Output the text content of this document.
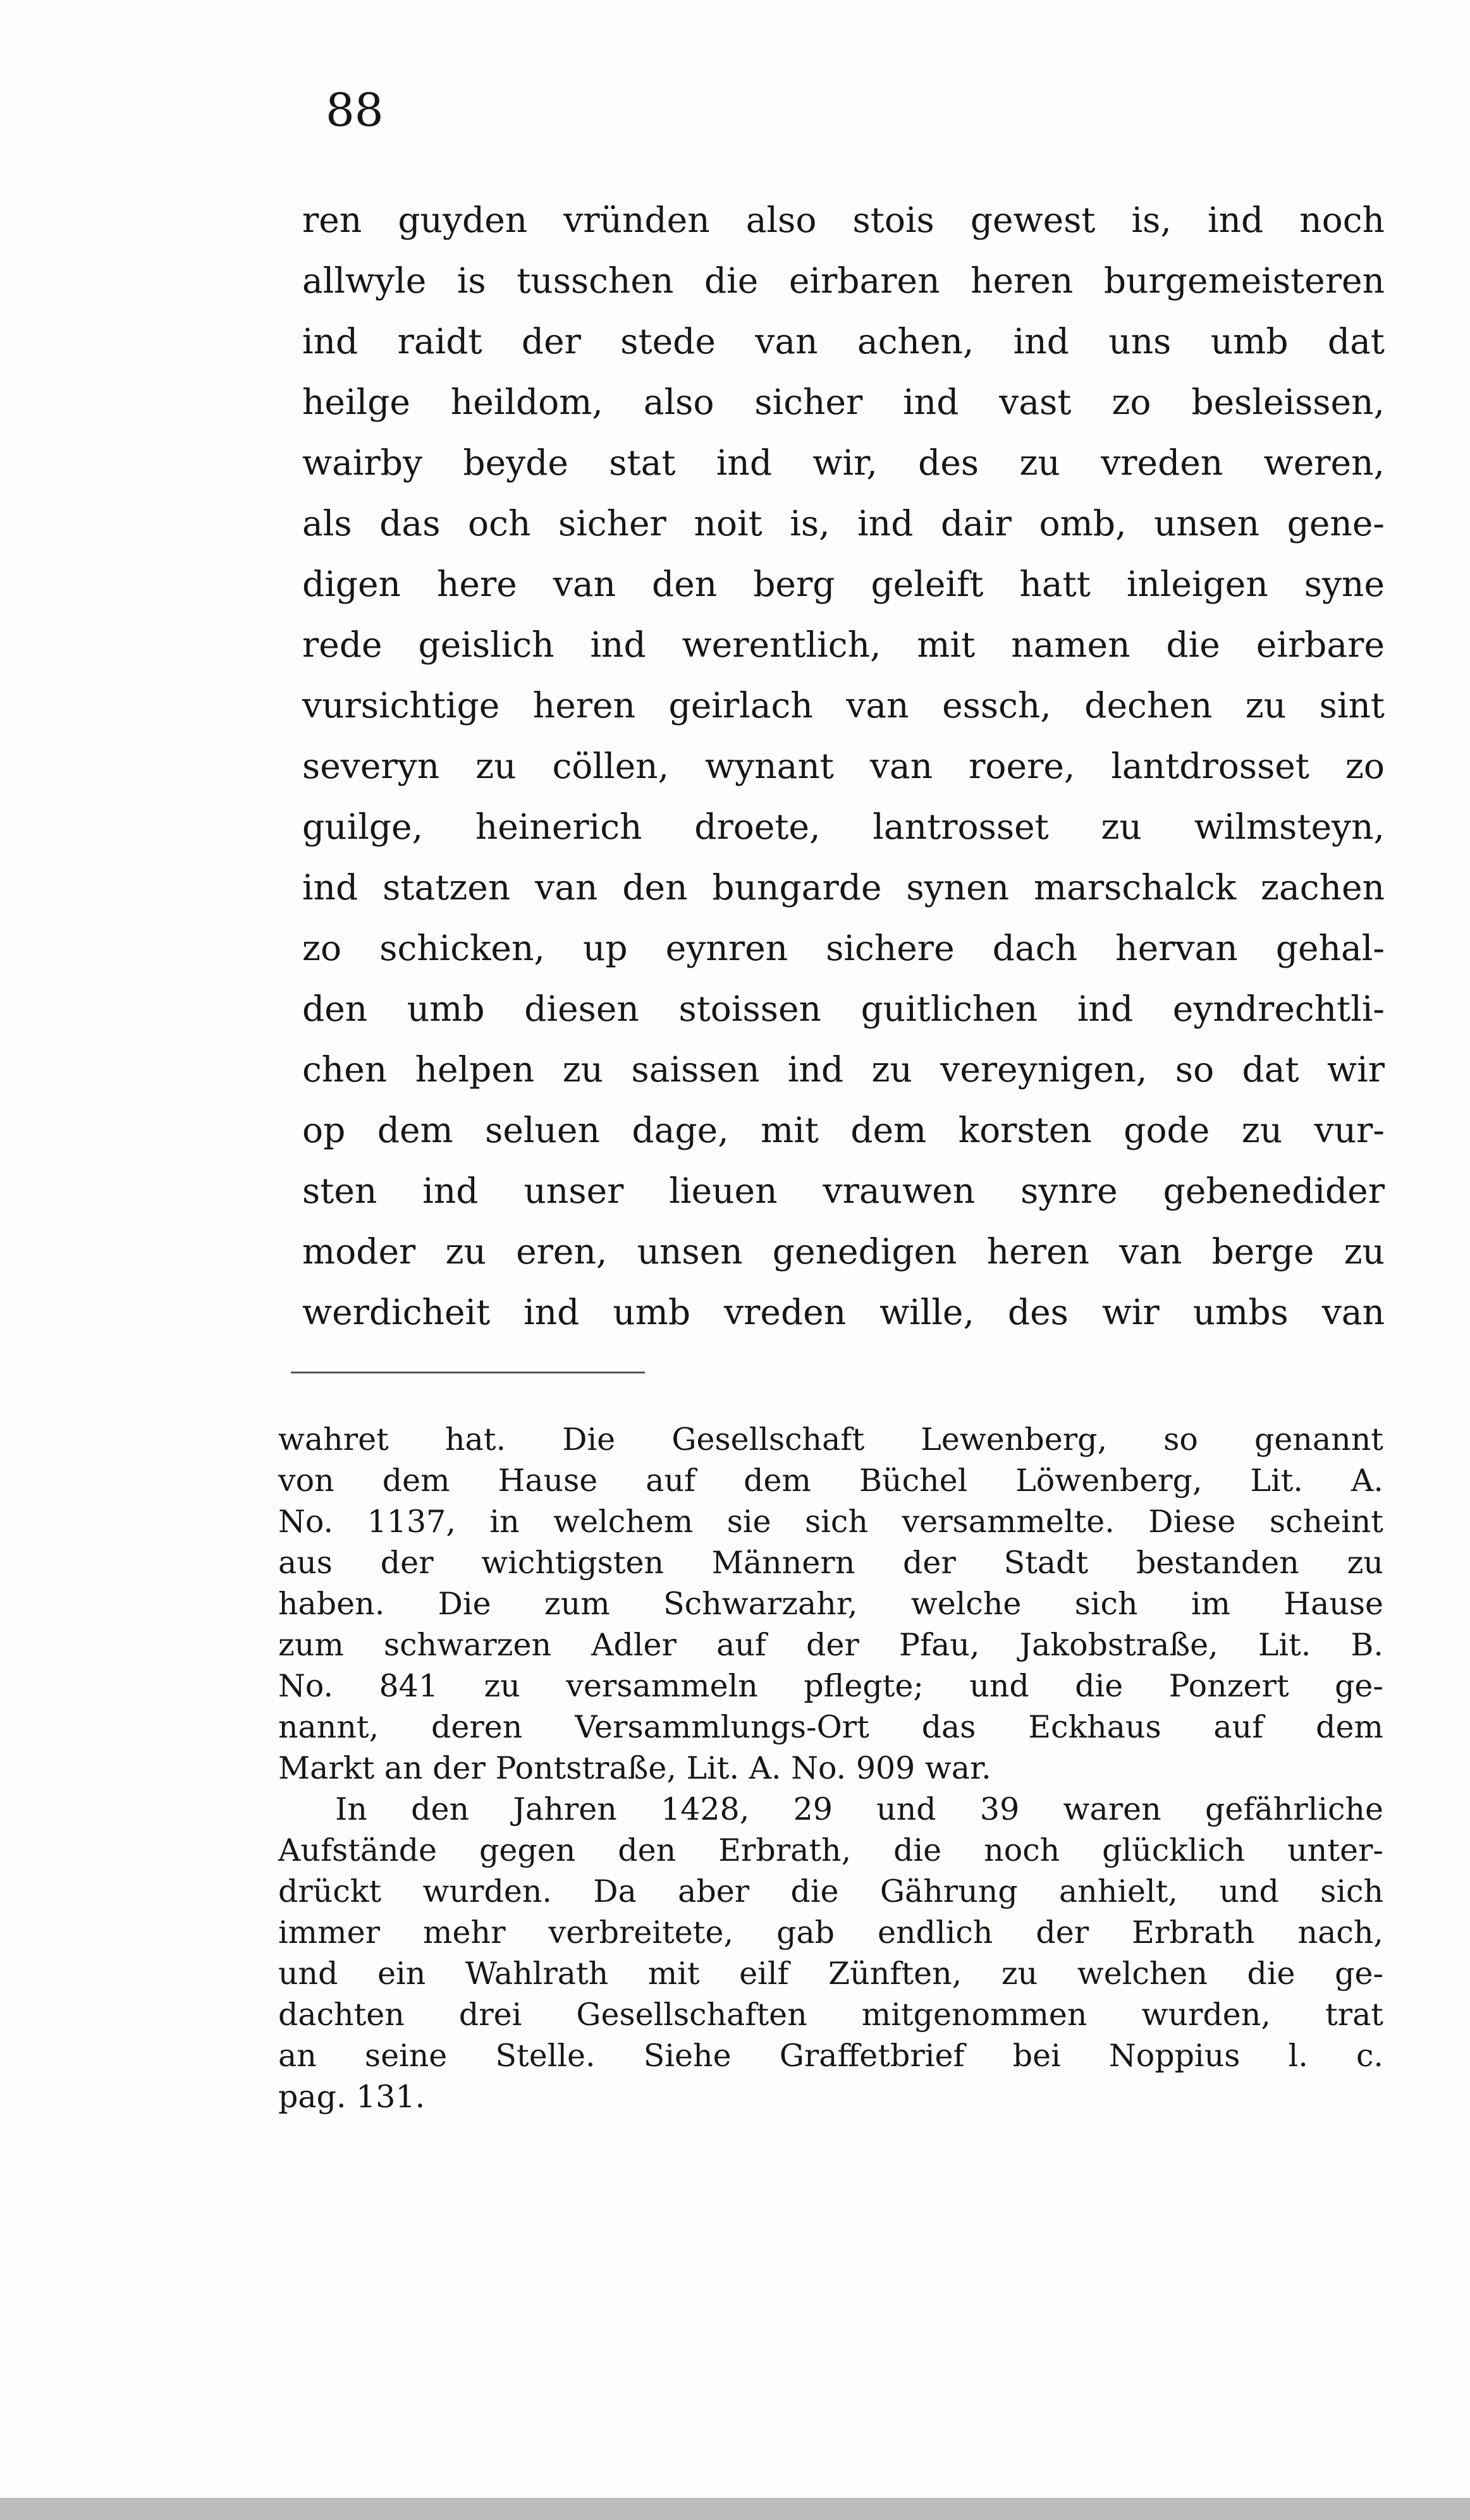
88
ren guyden vründen also stois gewest is, ind noch
allwyle is tusschen die eirbaren heren burgemeisteren
ind raidt der stede van achen, ind uns umb dat
heilge heildom, also sicher ind vast zo besleissen,
wairby beyde stat ind wir, des zu vreden weren,
als das och sicher noit is, ind dair omb, unsen gene-
digen here van den berg geleift hatt inleigen syne
rede geislich ind werentlich, mit namen die eirbare
vursichtige heren geirlach van essch, dechen zu sint
severyn zu cöllen, wynant van roere, lantdrosset zo
guilge, heinerich droete, lantrosset zu wilmsteyn,
ind statzen van den bungarde synen marschalck zachen
zo schicken, up eynren sichere dach hervan gehal-
den umb diesen stoissen guitlichen ind eyndrechtli-
chen helpen zu saissen ind zu vereynigen, so dat wir
op dem seluen dage, mit dem korsten gode zu vur-
sten ind unser lieuen vrauwen synre gebenedider
moder zu eren, unsen genedigen heren van berge zu
werdicheit ind umb vreden wille, des wir umbs van
wahret hat. Die Gesellschaft Lewenberg, so genannt
von dem Hause auf dem Büchel Löwenberg, Lit. A.
No. 1137, in welchem sie sich versammelte. Diese scheint
aus der wichtigsten Männern der Stadt bestanden zu
haben. Die zum Schwarzahr, welche sich im Hause
zum schwarzen Adler auf der Pfau, Jakobstraße, Lit. B.
No. 841 zu versammeln pflegte; und die Ponzert ge-
nannt, deren Versammlungs-Ort das Eckhaus auf dem
Markt an der Pontstraße, Lit. A. No. 909 war.
In den Jahren 1428, 29 und 39 waren gefährliche
Aufstände gegen den Erbrath, die noch glücklich unter-
drückt wurden. Da aber die Gährung anhielt, und sich
immer mehr verbreitete, gab endlich der Erbrath nach,
und ein Wahlrath mit eilf Zünften, zu welchen die ge-
dachten drei Gesellschaften mitgenommen wurden, trat
an seine Stelle. Siehe Graffetbrief bei Noppius l. c.
pag. 131.
